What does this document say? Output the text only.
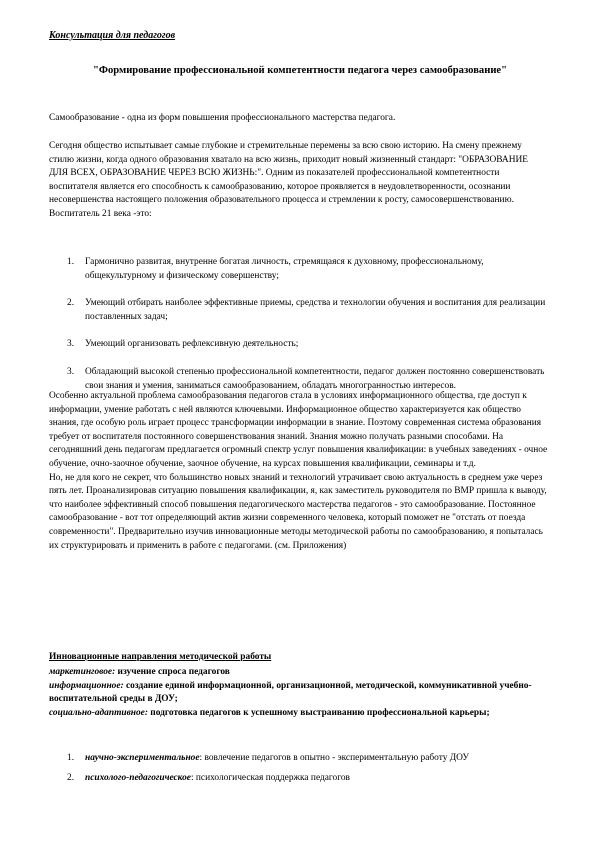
Консультация для педагогов
"Формирование профессиональной компетентности педагога через самообразование"

Самообразование - одна из форм повышения профессионального мастерства педагога.

Сегодня общество испытывает самые глубокие и стремительные перемены за всю свою историю. На смену прежнему стилю жизни, когда одного образования хватало на всю жизнь, приходит новый жизненный стандарт: "ОБРАЗОВАНИЕ ДЛЯ ВСЕХ, ОБРАЗОВАНИЕ ЧЕРЕЗ ВСЮ ЖИЗНЬ:". Одним из показателей профессиональной компетентности воспитателя является его способность к самообразованию, которое проявляется в неудовлетворенности, осознании несовершенства настоящего положения образовательного процесса и стремлении к росту, самосовершенствованию. Воспитатель 21 века -это:

1. Гармонично развитая, внутренне богатая личность, стремящаяся к духовному, профессиональному, общекультурному и физическому совершенству;
2. Умеющий отбирать наиболее эффективные приемы, средства и технологии обучения и воспитания для реализации поставленных задач;
3. Умеющий организовать рефлексивную деятельность;
3. Обладающий высокой степенью профессиональной компетентности, педагог должен постоянно совершенствовать свои знания и умения, заниматься самообразованием, обладать многогранностью интересов.

Особенно актуальной проблема самообразования педагогов стала в условиях информационного общества, где доступ к информации, умение работать с ней являются ключевыми. Информационное общество характеризуется как общество знания, где особую роль играет процесс трансформации информации в знание. Поэтому современная система образования требует от воспитателя постоянного совершенствования знаний. Знания можно получать разными способами. На сегодняшний день педагогам предлагается огромный спектр услуг повышения квалификации: в учебных заведениях - очное обучение, очно-заочное обучение, заочное обучение, на курсах повышения квалификации, семинары и т.д.
Но, не для кого не секрет, что большинство новых знаний и технологий утрачивает свою актуальность в среднем уже через пять лет. Проанализировав ситуацию повышения квалификации, я, как заместитель руководителя по ВМР пришла к выводу, что наиболее эффективный способ повышения педагогического мастерства педагогов - это самообразование. Постоянное самообразование - вот тот определяющий актив жизни современного человека, который поможет не "отстать от поезда современности". Предварительно изучив инновационные методы методической работы по самообразованию, я попыталась их структурировать и применить в работе с педагогами. (см. Приложения)

Инновационные направления методической работы
маркетинговое: изучение спроса педагогов
информационное: создание единой информационной, организационной, методической, коммуникативной учебно-воспитательной среды в ДОУ;
социально-адаптивное: подготовка педагогов к успешному выстраиванию профессиональной карьеры;
1. научно-экспериментальное: вовлечение педагогов в опытно - экспериментальную работу ДОУ
2. психолого-педагогическое: психологическая поддержка педагогов
